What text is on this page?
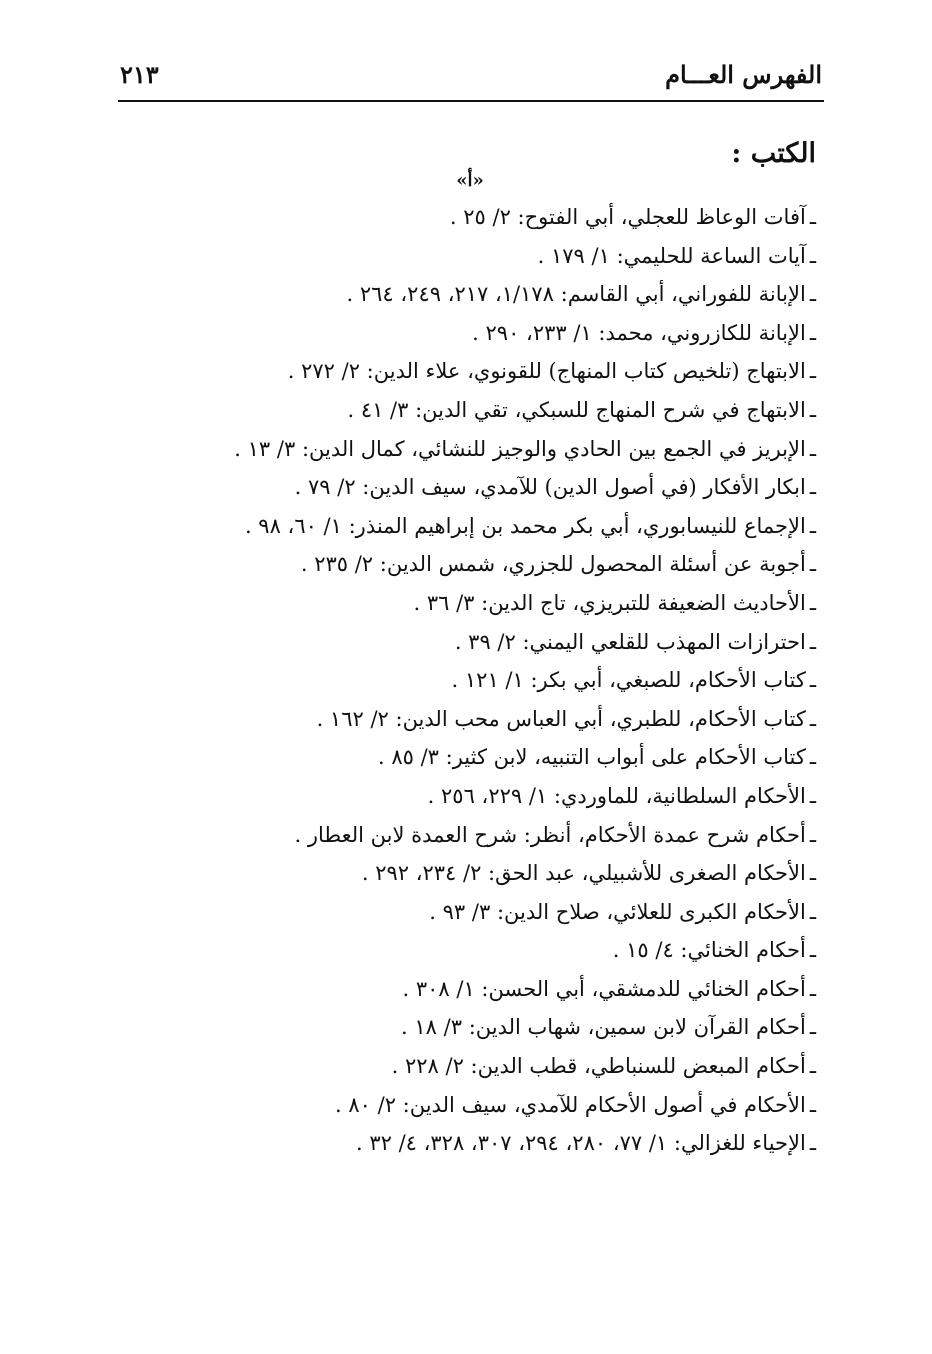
الفهرس العـــام
٢١٣
الكتب :
«أ»
ـآفات الوعاظ للعجلي، أبي الفتوح: ٢/ ٢٥ .
ـآيات الساعة للحليمي: ١/ ١٧٩ .
ـالإبانة للفوراني، أبي القاسم: ١/١٧٨، ٢١٧، ٢٤٩، ٢٦٤ .
ـالإبانة للكازروني، محمد: ١/ ٢٣٣، ٢٩٠ .
ـالابتهاج (تلخيص كتاب المنهاج) للقونوي، علاء الدين: ٢/ ٢٧٢ .
ـالابتهاج في شرح المنهاج للسبكي، تقي الدين: ٣/ ٤١ .
ـالإبريز في الجمع بين الحادي والوجيز للنشائي، كمال الدين: ٣/ ١٣ .
ـابكار الأفكار (في أصول الدين) للآمدي، سيف الدين: ٢/ ٧٩ .
ـالإجماع للنيسابوري، أبي بكر محمد بن إبراهيم المنذر: ١/ ٦٠، ٩٨ .
ـأجوبة عن أسئلة المحصول للجزري، شمس الدين: ٢/ ٢٣٥ .
ـالأحاديث الضعيفة للتبريزي، تاج الدين: ٣/ ٣٦ .
ـاحترازات المهذب للقلعي اليمني: ٢/ ٣٩ .
ـكتاب الأحكام، للصبغي، أبي بكر: ١/ ١٢١ .
ـكتاب الأحكام، للطبري، أبي العباس محب الدين: ٢/ ١٦٢ .
ـكتاب الأحكام على أبواب التنبيه، لابن كثير: ٣/ ٨٥ .
ـالأحكام السلطانية، للماوردي: ١/ ٢٢٩، ٢٥٦ .
ـأحكام شرح عمدة الأحكام، أنظر: شرح العمدة لابن العطار .
ـالأحكام الصغرى للأشبيلي، عبد الحق: ٢/ ٢٣٤، ٢٩٢ .
ـالأحكام الكبرى للعلائي، صلاح الدين: ٣/ ٩٣ .
ـأحكام الخنائي: ٤/ ١٥ .
ـأحكام الخنائي للدمشقي، أبي الحسن: ١/ ٣٠٨ .
ـأحكام القرآن لابن سمين، شهاب الدين: ٣/ ١٨ .
ـأحكام المبعض للسنباطي، قطب الدين: ٢/ ٢٢٨ .
ـالأحكام في أصول الأحكام للآمدي، سيف الدين: ٢/ ٨٠ .
ـالإحياء للغزالي: ١/ ٧٧، ٢٨٠، ٢٩٤، ٣٠٧، ٣٢٨، ٤/ ٣٢ .
